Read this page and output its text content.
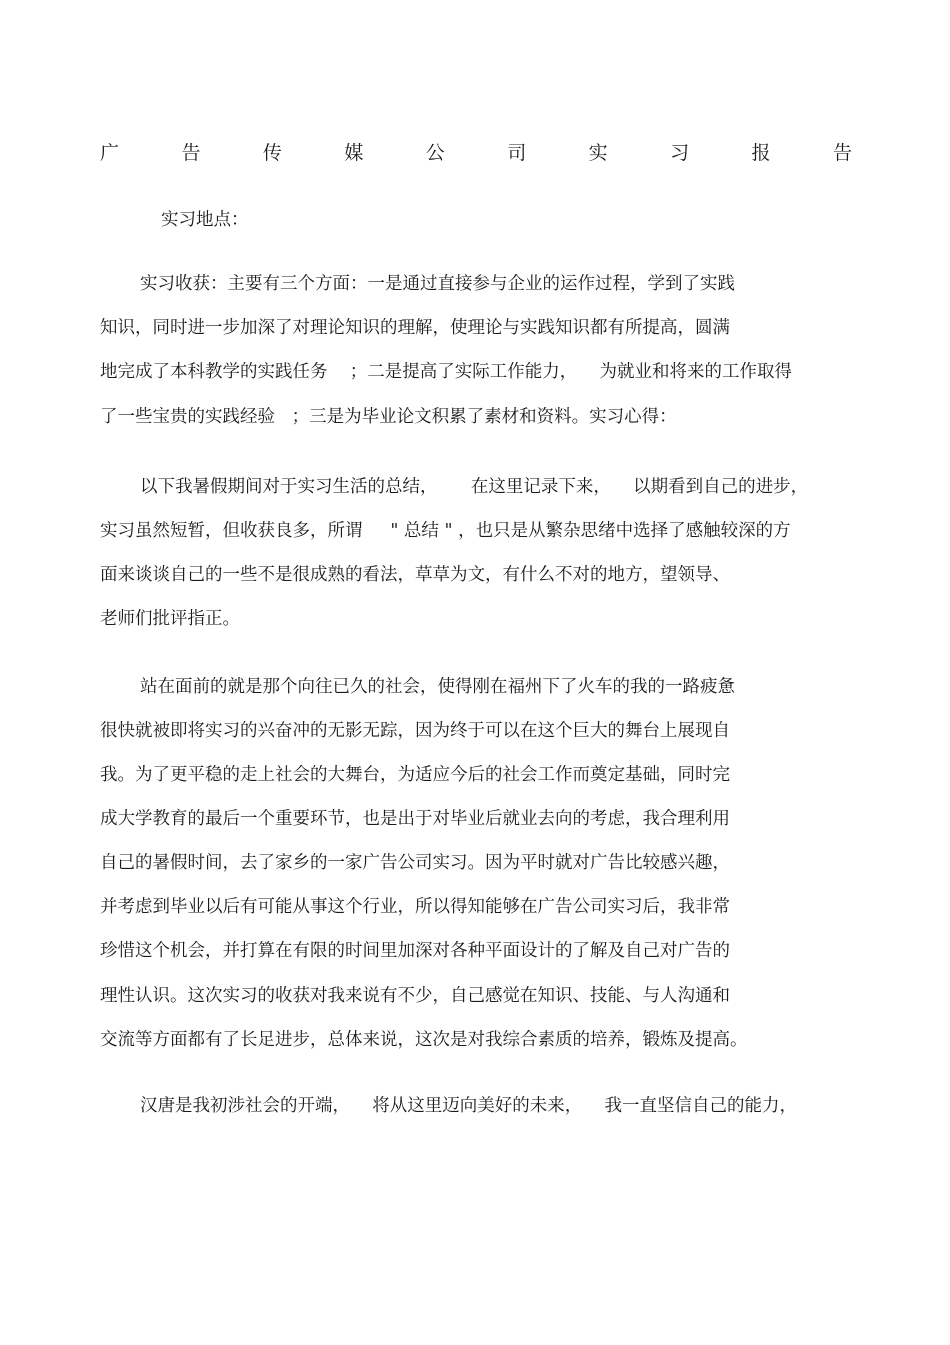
广	告	传	媒	公	司	实	习	报	告
实习地点：
实习收获：主要有三个方面：一是通过直接参与企业的运作过程，学到了实践
知识，同时进一步加深了对理论知识的理解，使理论与实践知识都有所提高，圆满
地完成了本科教学的实践任务    ；二是提高了实际工作能力，    为就业和将来的工作取得
了一些宝贵的实践经验   ；三是为毕业论文积累了素材和资料。实习心得：
以下我暑假期间对于实习生活的总结，      在这里记录下来，    以期看到自己的进步，
实习虽然短暂，但收获良多，所谓     " 总结 " ，也只是从繁杂思绪中选择了感触较深的方
面来谈谈自己的一些不是很成熟的看法，草草为文，有什么不对的地方，望领导、
老师们批评指正。
站在面前的就是那个向往已久的社会，使得刚在福州下了火车的我的一路疲惫
很快就被即将实习的兴奋冲的无影无踪，因为终于可以在这个巨大的舞台上展现自
我。为了更平稳的走上社会的大舞台，为适应今后的社会工作而奠定基础，同时完
成大学教育的最后一个重要环节，也是出于对毕业后就业去向的考虑，我合理利用
自己的暑假时间，去了家乡的一家广告公司实习。因为平时就对广告比较感兴趣，
并考虑到毕业以后有可能从事这个行业，所以得知能够在广告公司实习后，我非常
珍惜这个机会，并打算在有限的时间里加深对各种平面设计的了解及自己对广告的
理性认识。这次实习的收获对我来说有不少，自己感觉在知识、技能、与人沟通和
交流等方面都有了长足进步，总体来说，这次是对我综合素质的培养，锻炼及提高。
汉唐是我初涉社会的开端，    将从这里迈向美好的未来，    我一直坚信自己的能力，
